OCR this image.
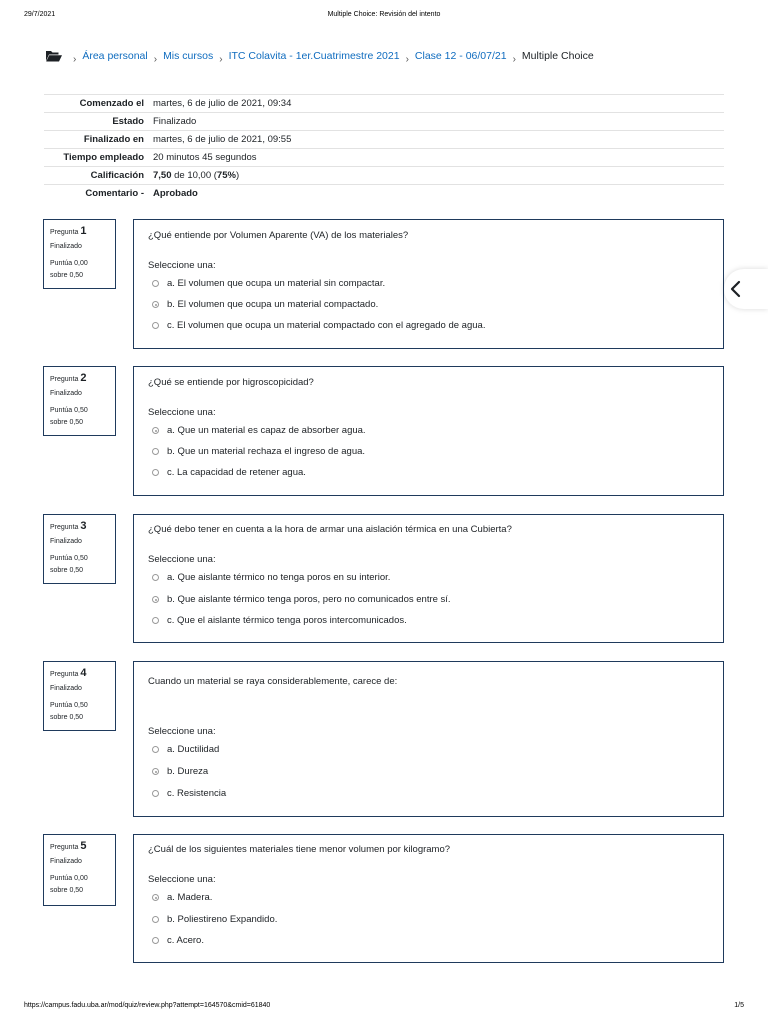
29/7/2021	Multiple Choice: Revisión del intento
› Área personal › Mis cursos › ITC Colavita - 1er.Cuatrimestre 2021 › Clase 12 - 06/07/21 › Multiple Choice
Comenzado el martes, 6 de julio de 2021, 09:34
Estado Finalizado
Finalizado en martes, 6 de julio de 2021, 09:55
Tiempo empleado 20 minutos 45 segundos
Calificación 7,50 de 10,00 (75%)
Comentario - Aprobado
Pregunta 1
Finalizado
Puntúa 0,00
sobre 0,50
¿Qué entiende por Volumen Aparente (VA) de los materiales?
Seleccione una:
a. El volumen que ocupa un material sin compactar.
b. El volumen que ocupa un material compactado.
c. El volumen que ocupa un material compactado con el agregado de agua.
Pregunta 2
Finalizado
Puntúa 0,50
sobre 0,50
¿Qué se entiende por higroscopicidad?
Seleccione una:
a. Que un material es capaz de absorber agua.
b. Que un material rechaza el ingreso de agua.
c. La capacidad de retener agua.
Pregunta 3
Finalizado
Puntúa 0,50
sobre 0,50
¿Qué debo tener en cuenta a la hora de armar una aislación térmica en una Cubierta?
Seleccione una:
a. Que aislante térmico no tenga poros en su interior.
b. Que aislante térmico tenga poros, pero no comunicados entre sí.
c. Que el aislante térmico tenga poros intercomunicados.
Pregunta 4
Finalizado
Puntúa 0,50
sobre 0,50
Cuando un material se raya considerablemente, carece de:
Seleccione una:
a. Ductilidad
b. Dureza
c. Resistencia
Pregunta 5
Finalizado
Puntúa 0,00
sobre 0,50
¿Cuál de los siguientes materiales tiene menor volumen por kilogramo?
Seleccione una:
a. Madera.
b. Poliestireno Expandido.
c. Acero.
https://campus.fadu.uba.ar/mod/quiz/review.php?attempt=164570&cmid=61840	1/5
